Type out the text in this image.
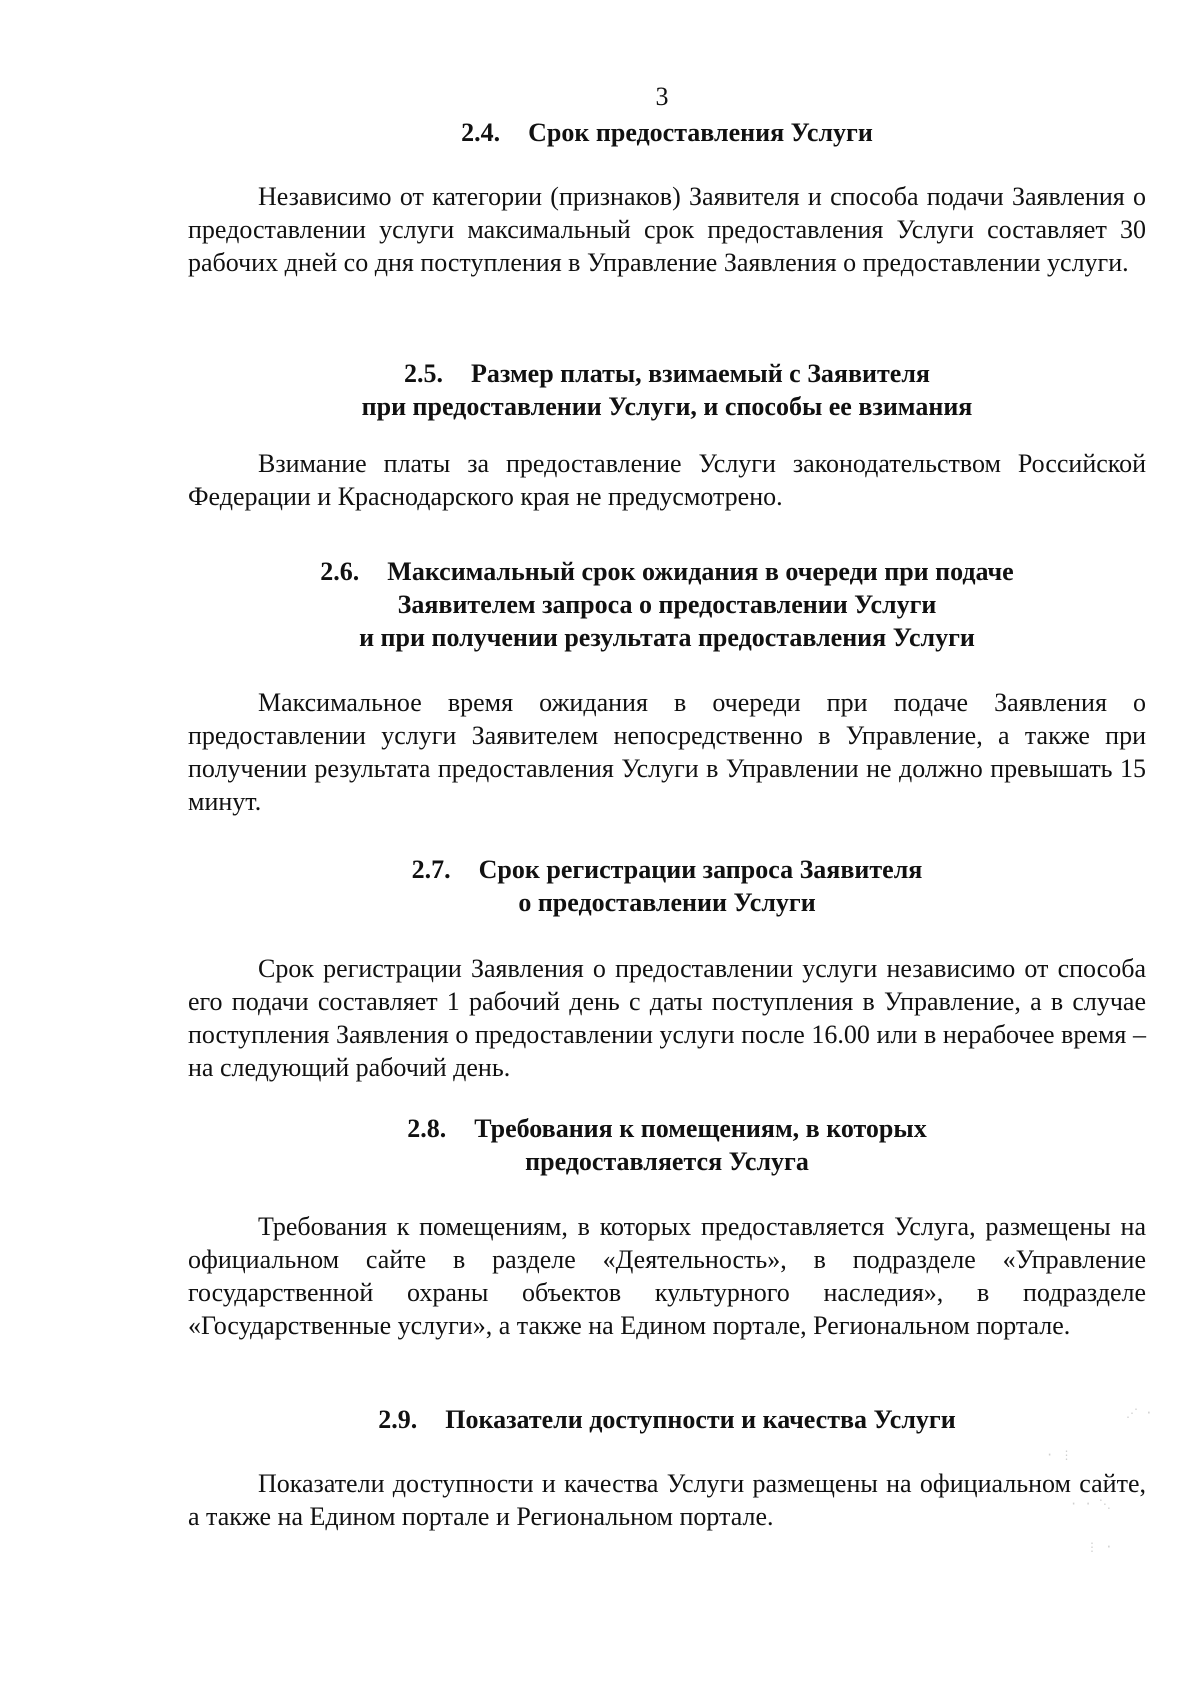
3

2.4. Срок предоставления Услуги

Независимо от категории (признаков) Заявителя и способа подачи Заявления о предоставлении услуги максимальный срок предоставления Услуги составляет 30 рабочих дней со дня поступления в Управление Заявления о предоставлении услуги.

2.5. Размер платы, взимаемый с Заявителя
при предоставлении Услуги, и способы ее взимания

Взимание платы за предоставление Услуги законодательством Российской Федерации и Краснодарского края не предусмотрено.

2.6. Максимальный срок ожидания в очереди при подаче
Заявителем запроса о предоставлении Услуги
и при получении результата предоставления Услуги

Максимальное время ожидания в очереди при подаче Заявления о предоставлении услуги Заявителем непосредственно в Управление, а также при получении результата предоставления Услуги в Управлении не должно превышать 15 минут.

2.7. Срок регистрации запроса Заявителя
о предоставлении Услуги

Срок регистрации Заявления о предоставлении услуги независимо от способа его подачи составляет 1 рабочий день с даты поступления в Управление, а в случае поступления Заявления о предоставлении услуги после 16.00 или в нерабочее время – на следующий рабочий день.

2.8. Требования к помещениям, в которых
предоставляется Услуга

Требования к помещениям, в которых предоставляется Услуга, размещены на официальном сайте в разделе «Деятельность», в подразделе «Управление государственной охраны объектов культурного наследия», в подразделе «Государственные услуги», а также на Едином портале, Региональном портале.

2.9. Показатели доступности и качества Услуги

Показатели доступности и качества Услуги размещены на официальном сайте, а также на Едином портале и Региональном портале.

⋰ ·
· ⋮
· · ⋱
⋮ ·
